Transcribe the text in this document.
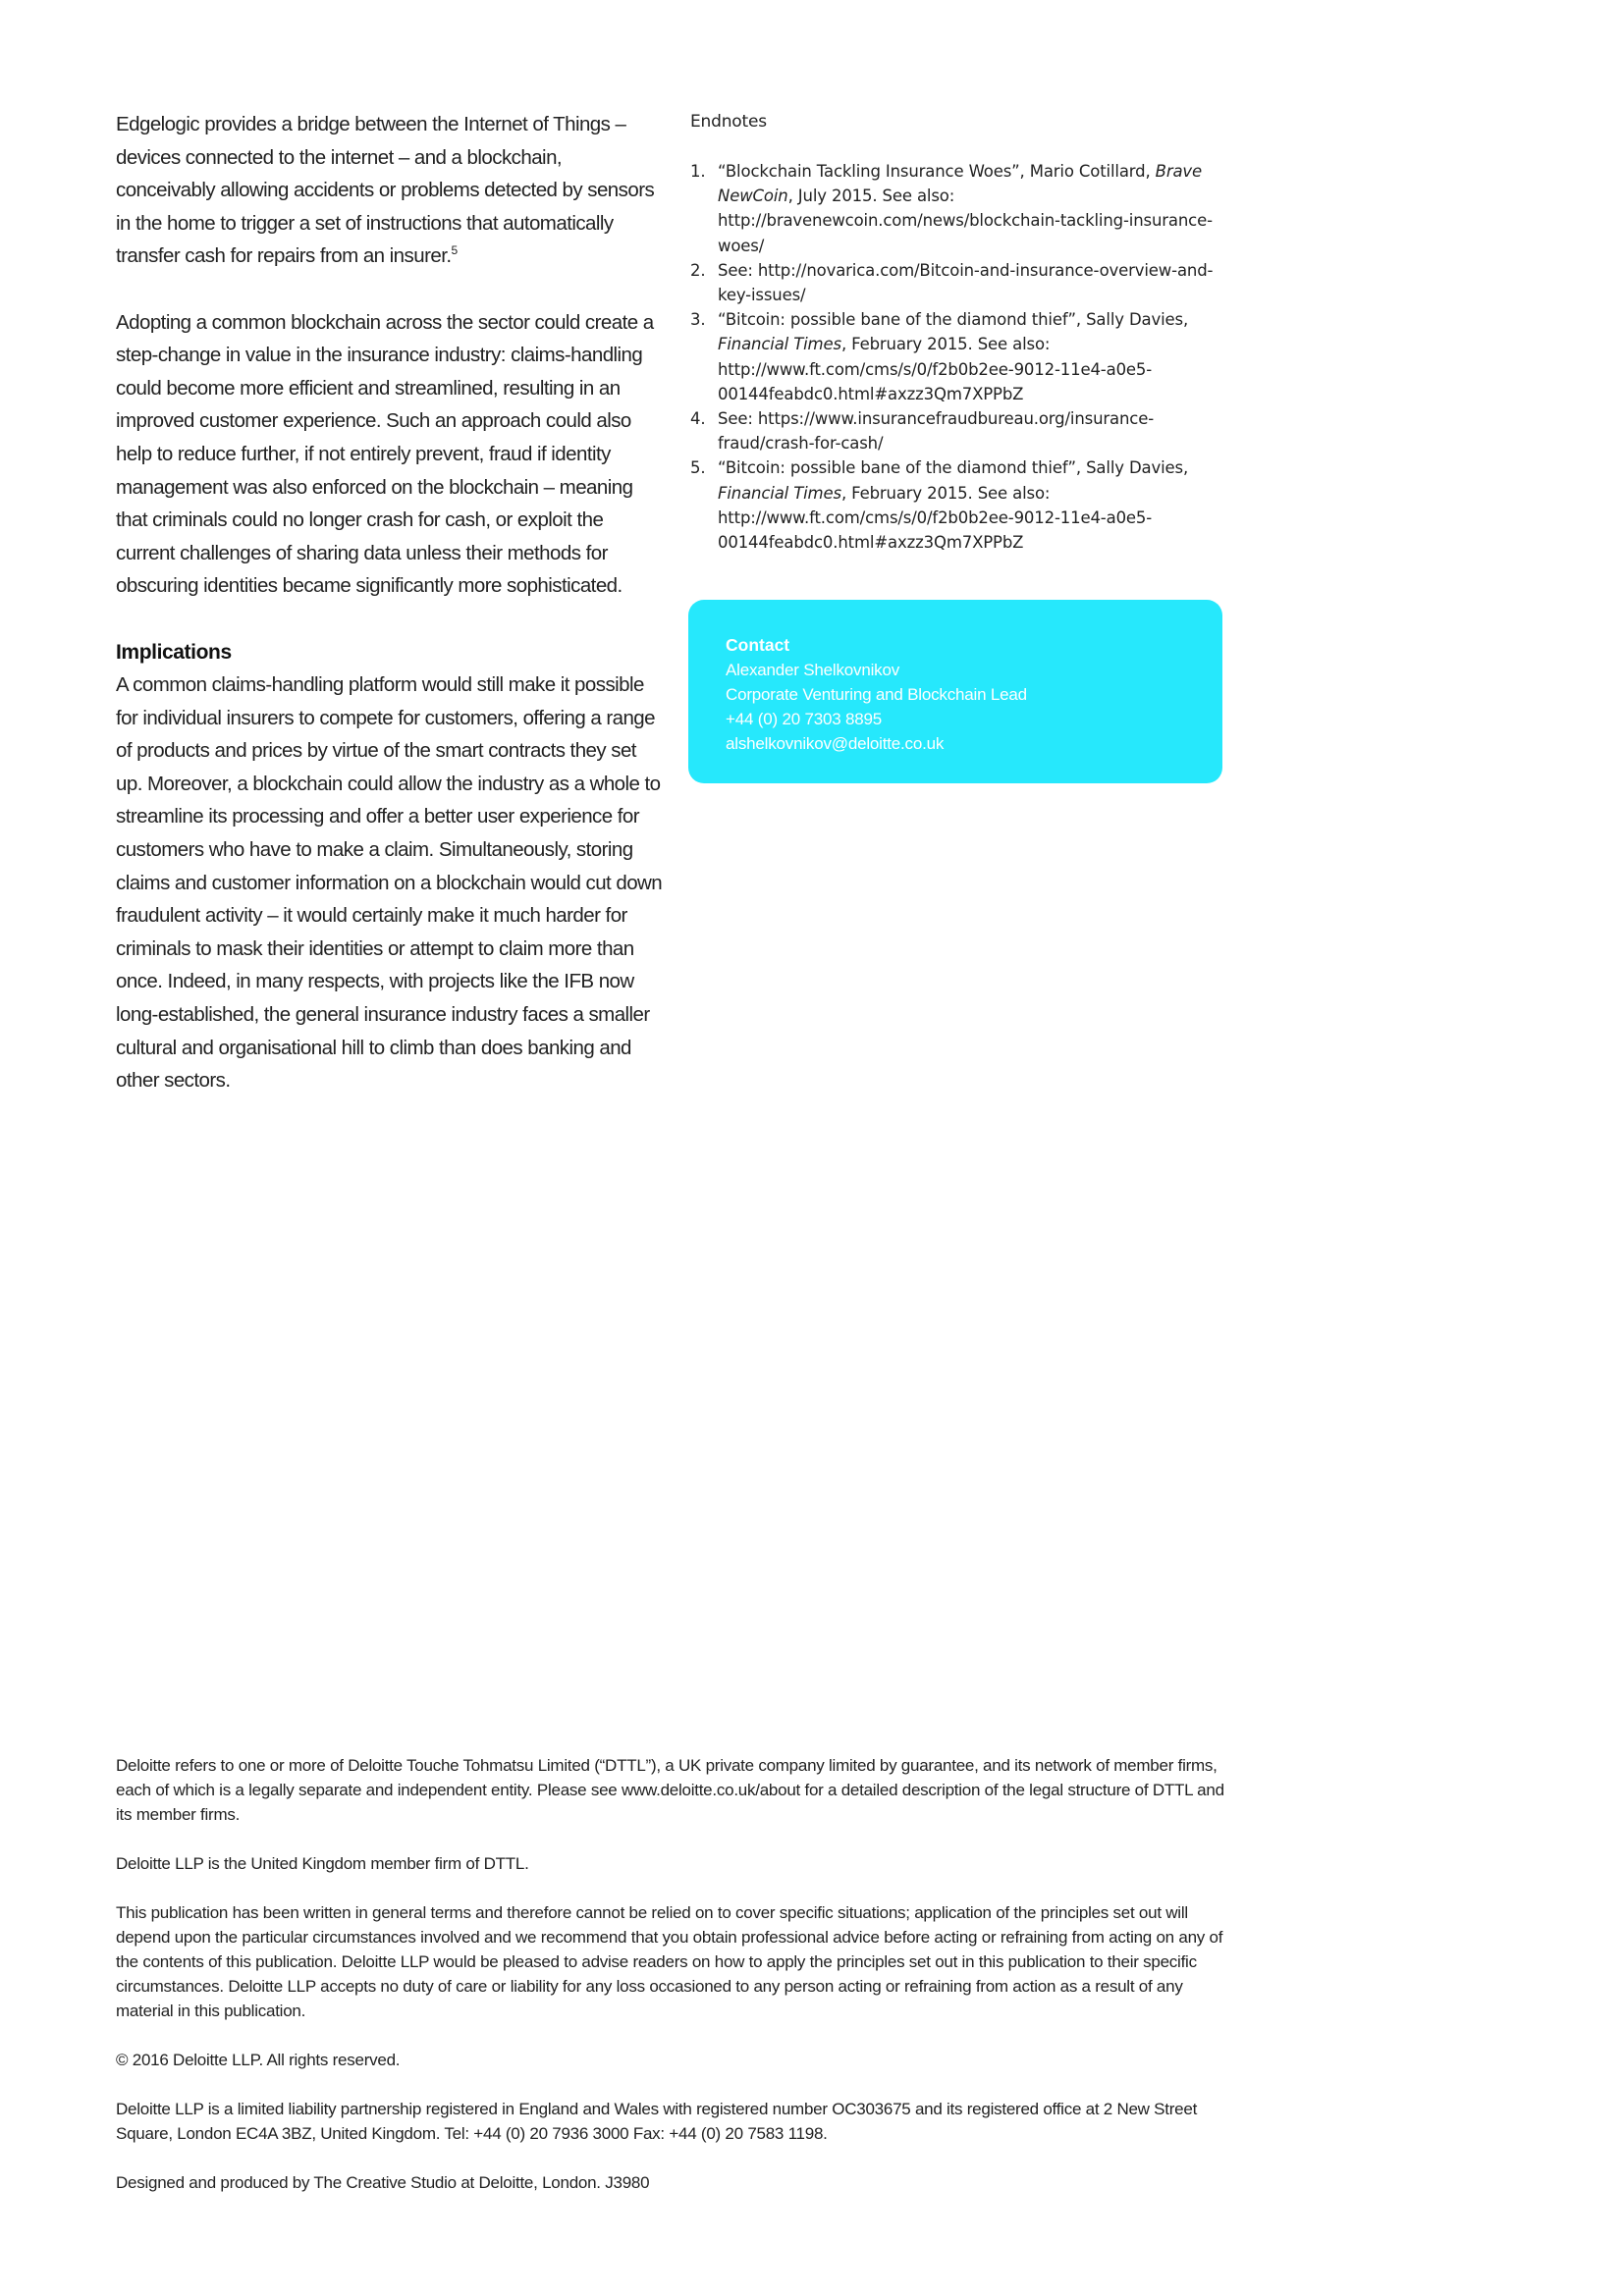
Edgelogic provides a bridge between the Internet of Things – devices connected to the internet – and a blockchain, conceivably allowing accidents or problems detected by sensors in the home to trigger a set of instructions that automatically transfer cash for repairs from an insurer.$^5$

Adopting a common blockchain across the sector could create a step-change in value in the insurance industry: claims-handling could become more efficient and streamlined, resulting in an improved customer experience. Such an approach could also help to reduce further, if not entirely prevent, fraud if identity management was also enforced on the blockchain – meaning that criminals could no longer crash for cash, or exploit the current challenges of sharing data unless their methods for obscuring identities became significantly more sophisticated.

Implications

A common claims-handling platform would still make it possible for individual insurers to compete for customers, offering a range of products and prices by virtue of the smart contracts they set up. Moreover, a blockchain could allow the industry as a whole to streamline its processing and offer a better user experience for customers who have to make a claim. Simultaneously, storing claims and customer information on a blockchain would cut down fraudulent activity – it would certainly make it much harder for criminals to mask their identities or attempt to claim more than once. Indeed, in many respects, with projects like the IFB now long-established, the general insurance industry faces a smaller cultural and organisational hill to climb than does banking and other sectors.

Endnotes

1. “Blockchain Tackling Insurance Woes”, Mario Cotillard, Brave NewCoin, July 2015. See also: http://bravenewcoin.com/news/blockchain-tackling-insurance-woes/
2. See: http://novarica.com/Bitcoin-and-insurance-overview-and-key-issues/
3. “Bitcoin: possible bane of the diamond thief”, Sally Davies, Financial Times, February 2015. See also: http://www.ft.com/cms/s/0/f2b0b2ee-9012-11e4-a0e5-00144feabdc0.html#axzz3Qm7XPPbZ
4. See: https://www.insurancefraudbureau.org/insurance-fraud/crash-for-cash/
5. “Bitcoin: possible bane of the diamond thief”, Sally Davies, Financial Times, February 2015. See also: http://www.ft.com/cms/s/0/f2b0b2ee-9012-11e4-a0e5-00144feabdc0.html#axzz3Qm7XPPbZ

Contact

Alexander Shelkovnikov

Corporate Venturing and Blockchain Lead

+44 (0) 20 7303 8895

alshelkovnikov@deloitte.co.uk

Deloitte refers to one or more of Deloitte Touche Tohmatsu Limited (“DTTL”), a UK private company limited by guarantee, and its network of member firms, each of which is a legally separate and independent entity. Please see www.deloitte.co.uk/about for a detailed description of the legal structure of DTTL and its member firms.

Deloitte LLP is the United Kingdom member firm of DTTL.

This publication has been written in general terms and therefore cannot be relied on to cover specific situations; application of the principles set out will depend upon the particular circumstances involved and we recommend that you obtain professional advice before acting or refraining from acting on any of the contents of this publication. Deloitte LLP would be pleased to advise readers on how to apply the principles set out in this publication to their specific circumstances. Deloitte LLP accepts no duty of care or liability for any loss occasioned to any person acting or refraining from action as a result of any material in this publication.

© 2016 Deloitte LLP. All rights reserved.

Deloitte LLP is a limited liability partnership registered in England and Wales with registered number OC303675 and its registered office at 2 New Street Square, London EC4A 3BZ, United Kingdom. Tel: +44 (0) 20 7936 3000 Fax: +44 (0) 20 7583 1198.

Designed and produced by The Creative Studio at Deloitte, London. J3980
